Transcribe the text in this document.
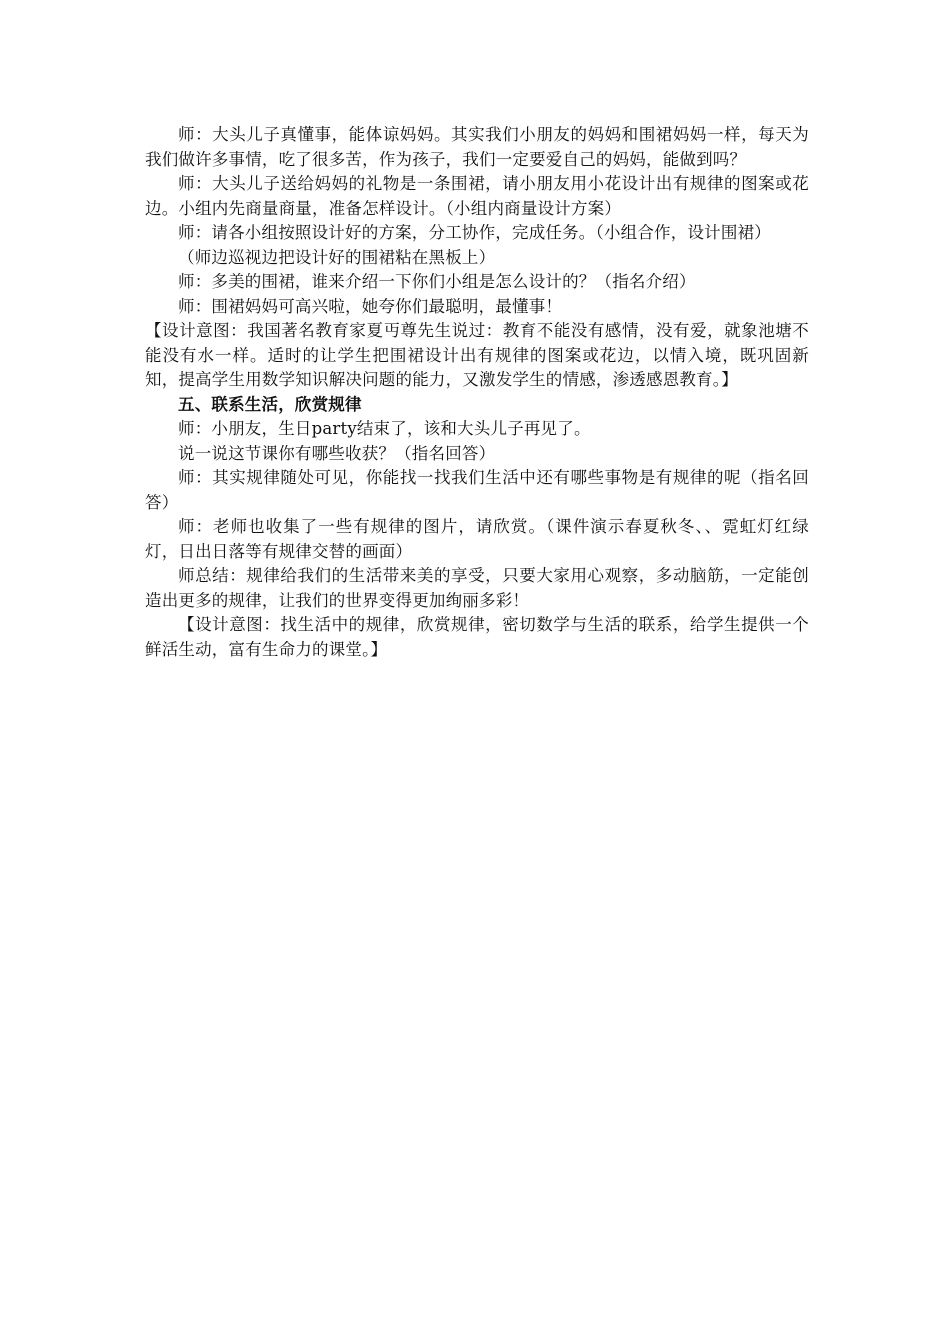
师：大头儿子真懂事，能体谅妈妈。其实我们小朋友的妈妈和围裙妈妈一样，每天为我们做许多事情，吃了很多苦，作为孩子，我们一定要爱自己的妈妈，能做到吗？

师：大头儿子送给妈妈的礼物是一条围裙，请小朋友用小花设计出有规律的图案或花边。小组内先商量商量，准备怎样设计。（小组内商量设计方案）

师：请各小组按照设计好的方案，分工协作，完成任务。（小组合作，设计围裙）

（师边巡视边把设计好的围裙粘在黑板上）

师：多美的围裙，谁来介绍一下你们小组是怎么设计的？（指名介绍）

师：围裙妈妈可高兴啦，她夸你们最聪明，最懂事！

【设计意图：我国著名教育家夏丏尊先生说过：教育不能没有感情，没有爱，就象池塘不能没有水一样。适时的让学生把围裙设计出有规律的图案或花边，以情入境，既巩固新知，提高学生用数学知识解决问题的能力，又激发学生的情感，渗透感恩教育。】

五、联系生活，欣赏规律

师：小朋友，生日party结束了，该和大头儿子再见了。

说一说这节课你有哪些收获？（指名回答）

师：其实规律随处可见，你能找一找我们生活中还有哪些事物是有规律的呢（指名回答）

师：老师也收集了一些有规律的图片，请欣赏。（课件演示春夏秋冬、、霓虹灯红绿灯，日出日落等有规律交替的画面）

师总结：规律给我们的生活带来美的享受，只要大家用心观察，多动脑筋，一定能创造出更多的规律，让我们的世界变得更加绚丽多彩！

【设计意图：找生活中的规律，欣赏规律，密切数学与生活的联系，给学生提供一个鲜活生动，富有生命力的课堂。】
